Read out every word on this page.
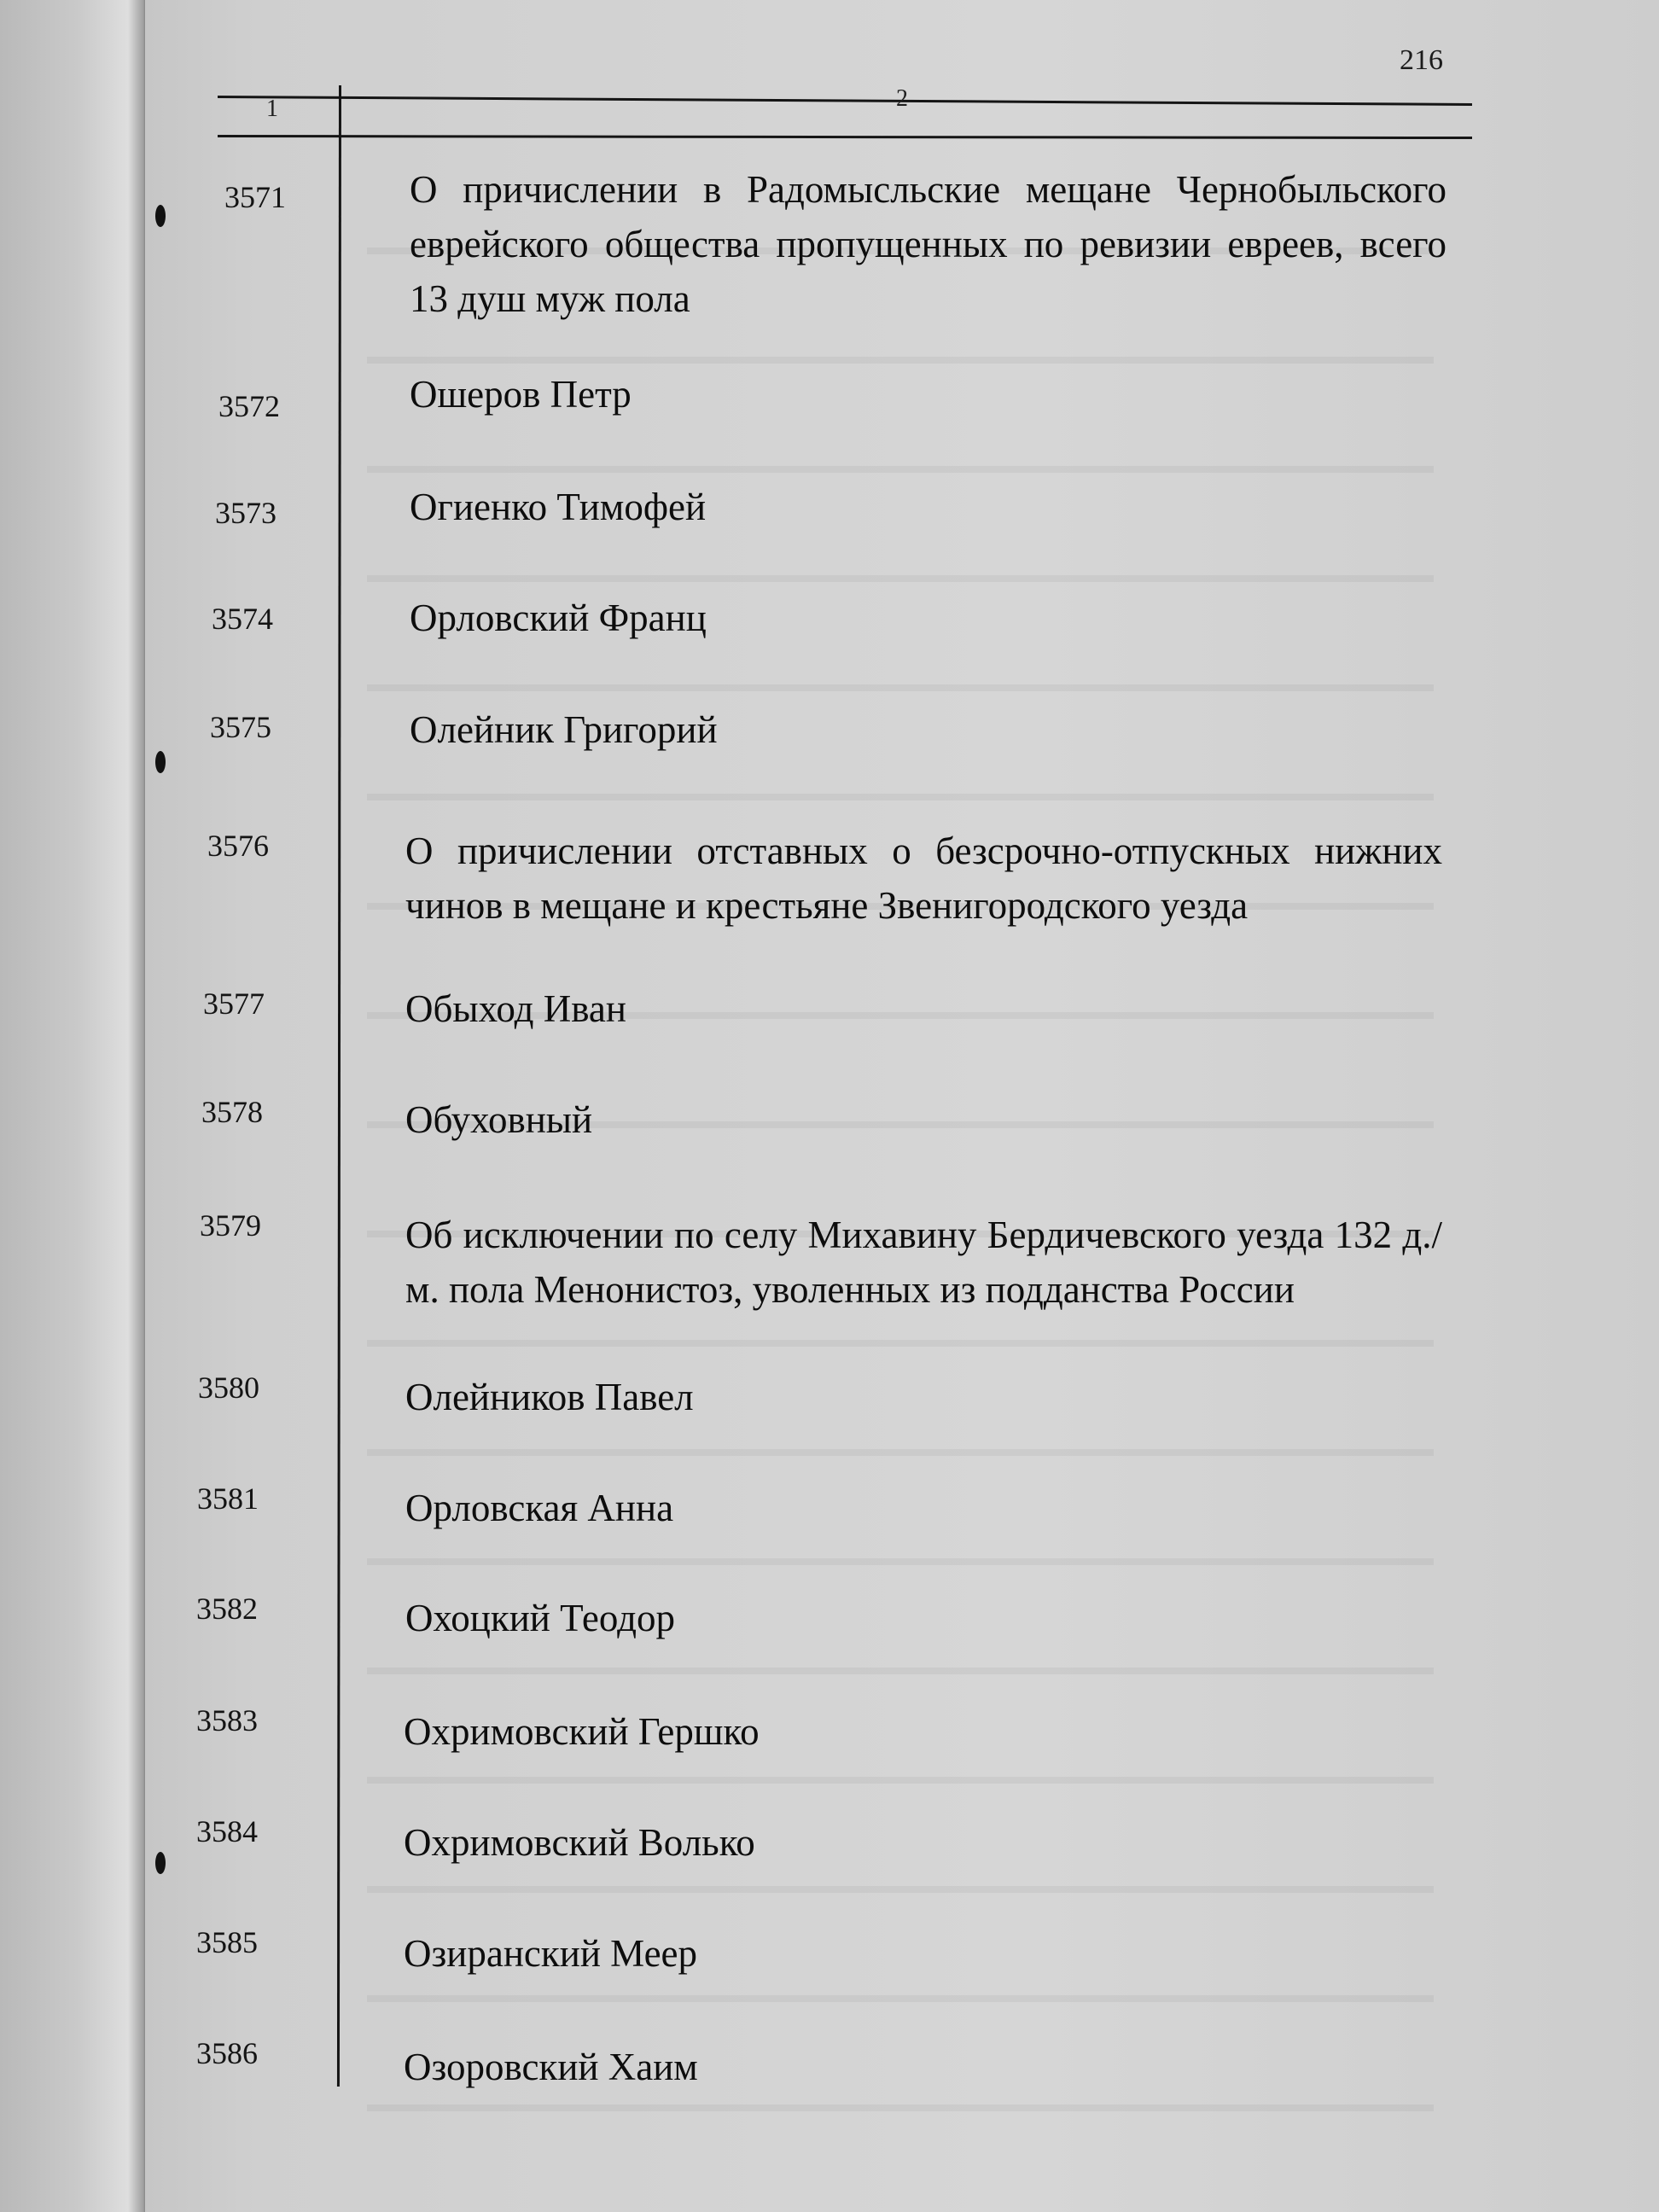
216
1	2
3571	О причислении в Радомысльские мещане Чернобыльского еврейского общества пропущенных по ревизии евреев, всего 13 душ муж пола
3572	Ошеров Петр
3573	Огиенко Тимофей
3574	Орловский Франц
3575	Олейник Григорий
3576	О причислении отставных о безсрочно-отпускных нижних чинов в мещане и крестьяне Звенигородского уезда
3577	Обыход Иван
3578	Обуховный
3579	Об исключении по селу Михавину Бердичевского уезда 132 д./м. пола Менонистоз, уволенных из подданства России
3580	Олейников Павел
3581	Орловская Анна
3582	Охоцкий Теодор
3583	Охримовский Гершко
3584	Охримовский Волько
3585	Озиранский Меер
3586	Озоровский Хаим
